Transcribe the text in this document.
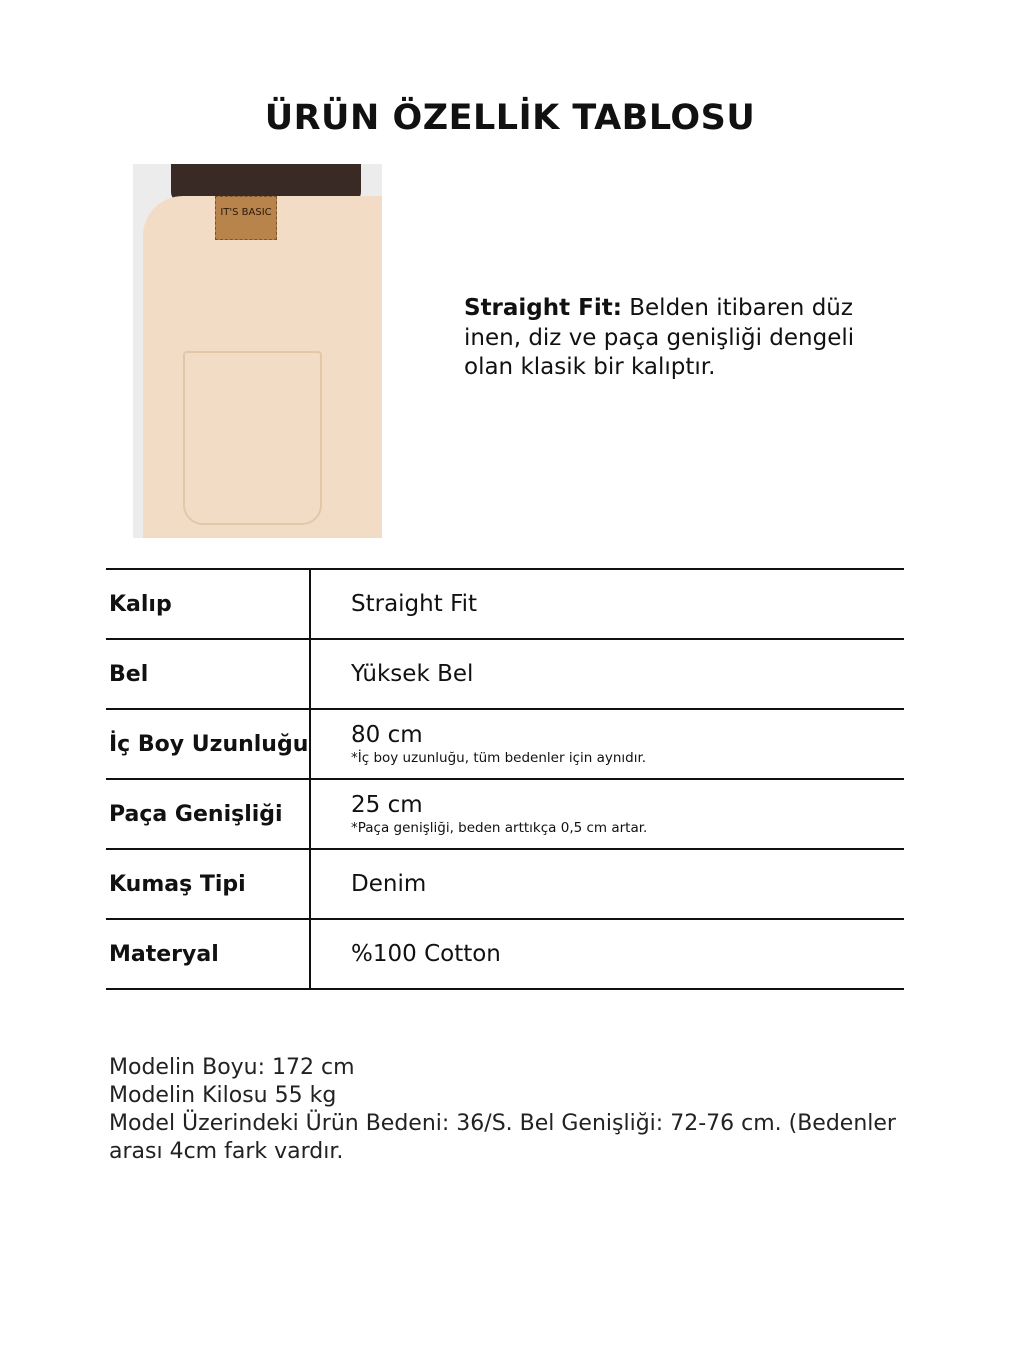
ÜRÜN ÖZELLİK TABLOSU
IT'S BASIC
Straight Fit: Belden itibaren düz inen, diz ve paça genişliği dengeli olan klasik bir kalıptır.
Kalıp	Straight Fit
Bel	Yüksek Bel
İç Boy Uzunluğu	80 cm
*İç boy uzunluğu, tüm bedenler için aynıdır.

Paça Genişliği	25 cm
*Paça genişliği, beden arttıkça 0,5 cm artar.

Kumaş Tipi	Denim
Materyal	%100 Cotton
Modelin Boyu: 172 cm
Modelin Kilosu 55 kg
Model Üzerindeki Ürün Bedeni: 36/S. Bel Genişliği: 72-76 cm. (Bedenler arası 4cm fark vardır.
